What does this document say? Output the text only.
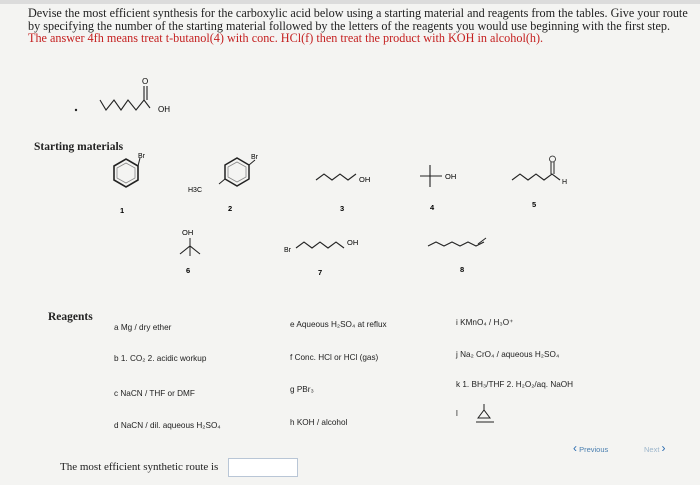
Devise the most efficient synthesis for the carboxylic acid below using a starting material and reagents from the tables. Give your route
by specifying the number of the starting material followed by the letters of the reagents you would use beginning with the first step.
The answer 4fh means treat t-butanol(4) with conc. HCl(f) then treat the product with KOH in alcohol(h).
O
OH
Starting materials
Br
1
H3C
Br
2
OH
3
OH
4
H
5
OH
6
Br
OH
7	8
Reagents
a Mg / dry ether
b 1. CO₂ 2. acidic workup
c NaCN / THF or DMF
d NaCN / dil. aqueous H₂SO₄
e Aqueous H₂SO₄ at reflux
f Conc. HCl or HCl (gas)
g PBr₃
h KOH / alcohol
i KMnO₄ / H₃O⁺
j Na₂ CrO₄ / aqueous H₂SO₄
k 1. BH₃/THF 2. H₂O₂/aq. NaOH
l
The most efficient synthetic route is
‹ Previous	Next ›
